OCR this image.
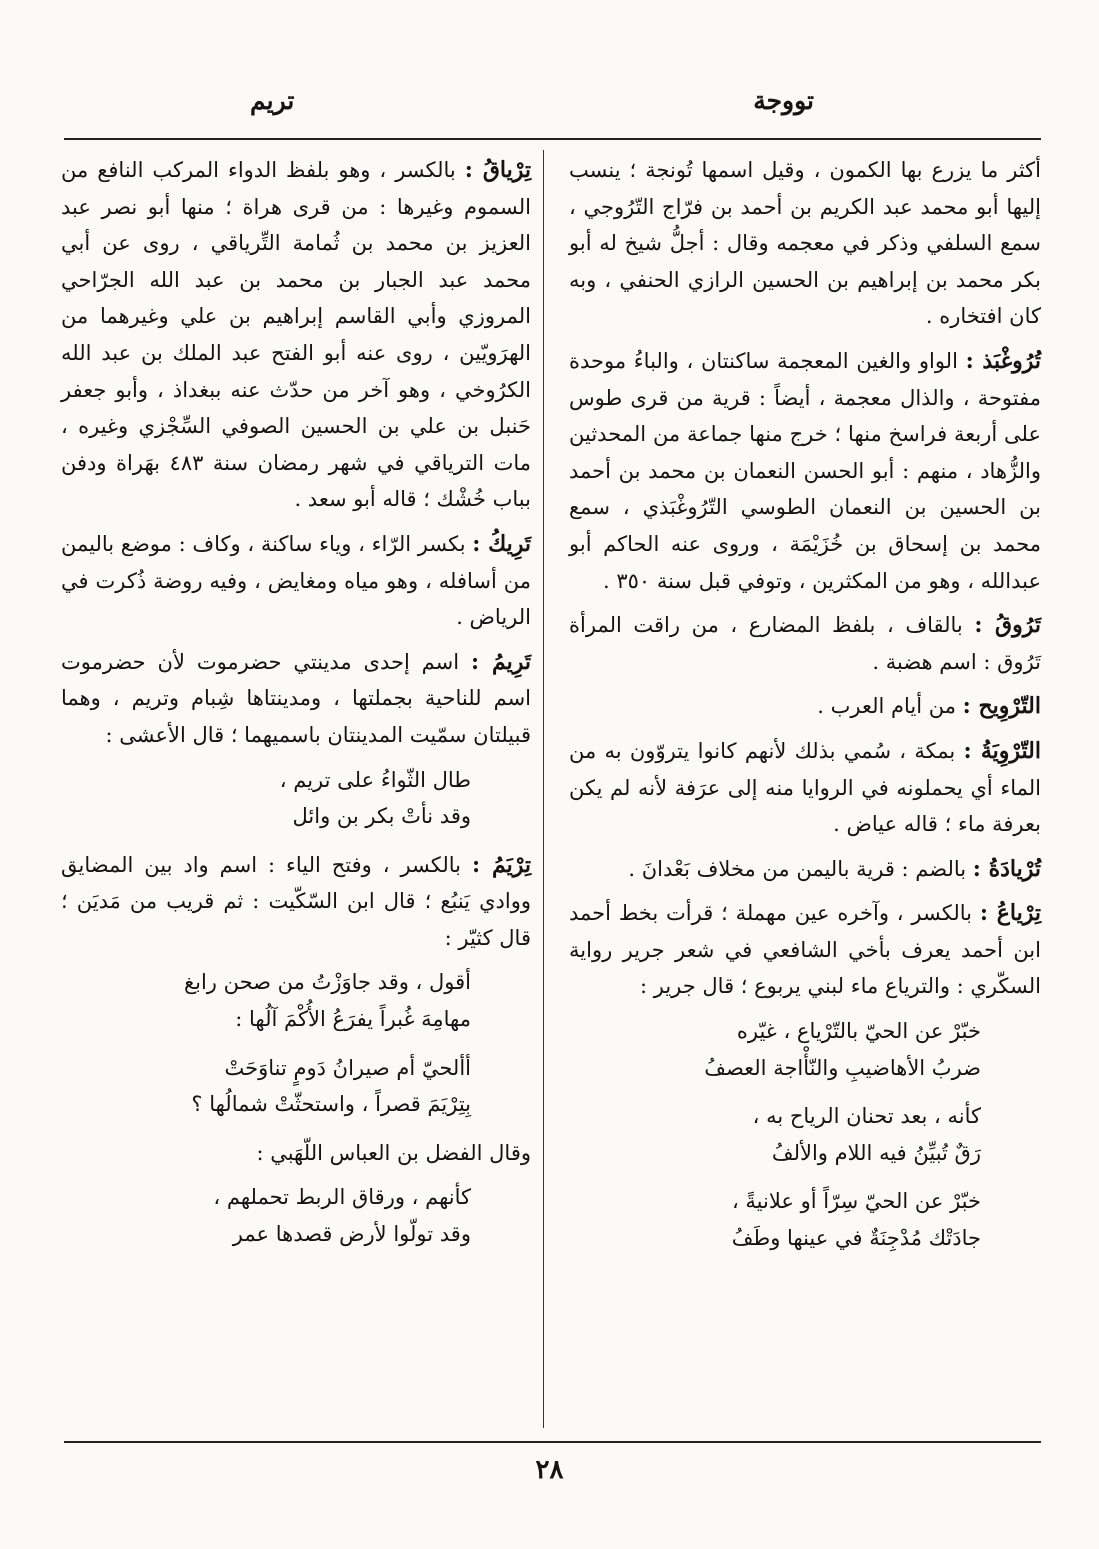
تووجة
تريم

أكثر ما يزرع بها الكمون ، وقيل اسمها تُونجة ؛ ينسب إليها أبو محمد عبد الكريم بن أحمد بن فرّاج التّرُوجي ، سمع السلفي وذكر في معجمه وقال : أجلُّ شيخ له أبو بكر محمد بن إبراهيم بن الحسين الرازي الحنفي ، وبه كان افتخاره .

تُرُوغْبَذ : الواو والغين المعجمة ساكنتان ، والباءُ موحدة مفتوحة ، والذال معجمة ، أيضاً : قرية من قرى طوس على أربعة فراسخ منها ؛ خرج منها جماعة من المحدثين والزُّهاد ، منهم : أبو الحسن النعمان بن محمد بن أحمد بن الحسين بن النعمان الطوسي التّرُوغْبَذي ، سمع محمد بن إسحاق بن خُزَيْمَة ، وروى عنه الحاكم أبو عبدالله ، وهو من المكثرين ، وتوفي قبل سنة ٣٥٠ .

تَرُوقُ : بالقاف ، بلفظ المضارع ، من راقت المرأة تَرُوق : اسم هضبة .

التّرْوِيح : من أيام العرب .

التّرْوِيَةُ : بمكة ، سُمي بذلك لأنهم كانوا يتروّون به من الماء أي يحملونه في الروايا منه إلى عرَفة لأنه لم يكن بعرفة ماء ؛ قاله عياض .

تُرْيادَةُ : بالضم : قرية باليمن من مخلاف بَعْدانَ .

تِرْياعُ : بالكسر ، وآخره عين مهملة ؛ قرأت بخط أحمد ابن أحمد يعرف بأخي الشافعي في شعر جرير رواية السكّري : والترياع ماء لبني يربوع ؛ قال جرير :

خبّرْ عن الحيّ بالتّرْياع ، غيّره
ضربُ الأهاضيبِ والنّأْاجة العصفُ
كأنه ، بعد تحنان الرياح به ،
رَقٌ تُبيِّنُ فيه اللام والألفُ
خبّرْ عن الحيّ سِرّاً أو علانيةً ،
جادَتْك مُدْجِنَةٌ في عينها وطَفُ

تِرْياقُ : بالكسر ، وهو بلفظ الدواء المركب النافع من السموم وغيرها : من قرى هراة ؛ منها أبو نصر عبد العزيز بن محمد بن ثُمامة التِّرياقي ، روى عن أبي محمد عبد الجبار بن محمد بن عبد الله الجرّاحي المروزي وأبي القاسم إبراهيم بن علي وغيرهما من الهرَويّين ، روى عنه أبو الفتح عبد الملك بن عبد الله الكرُوخي ، وهو آخر من حدّث عنه ببغداذ ، وأبو جعفر حَنبل بن علي بن الحسين الصوفي السِّجْزي وغيره ، مات الترياقي في شهر رمضان سنة ٤٨٣ بهَراة ودفن بباب خُشْك ؛ قاله أبو سعد .

تَرِيكُ : بكسر الرّاء ، وياء ساكنة ، وكاف : موضع باليمن من أسافله ، وهو مياه ومغايض ، وفيه روضة ذُكرت في الرياض .

تَرِيمُ : اسم إحدى مدينتي حضرموت لأن حضرموت اسم للناحية بجملتها ، ومدينتاها شِبام وتريم ، وهما قبيلتان سمّيت المدينتان باسميهما ؛ قال الأعشى :

طال الثّواءُ على تريم ،
وقد نأتْ بكر بن وائل

تِرْيَمُ : بالكسر ، وفتح الياء : اسم واد بين المضايق ووادي يَنبُع ؛ قال ابن السّكّيت : ثم قريب من مَديَن ؛ قال كثيّر :

أقول ، وقد جاوَزْتُ من صحن رابغ
مهامِهَ غُبراً يفرَعُ الأُكْمَ آلُها :
أألحيّ أم صيرانُ دَومٍ تناوَحَتْ
بِتِرْيَمَ قصراً ، واستحثّتْ شمالُها ؟

وقال الفضل بن العباس اللّهَبي :

كأنهم ، ورقاق الربط تحملهم ،
وقد تولّوا لأرض قصدها عمر
٢٨
